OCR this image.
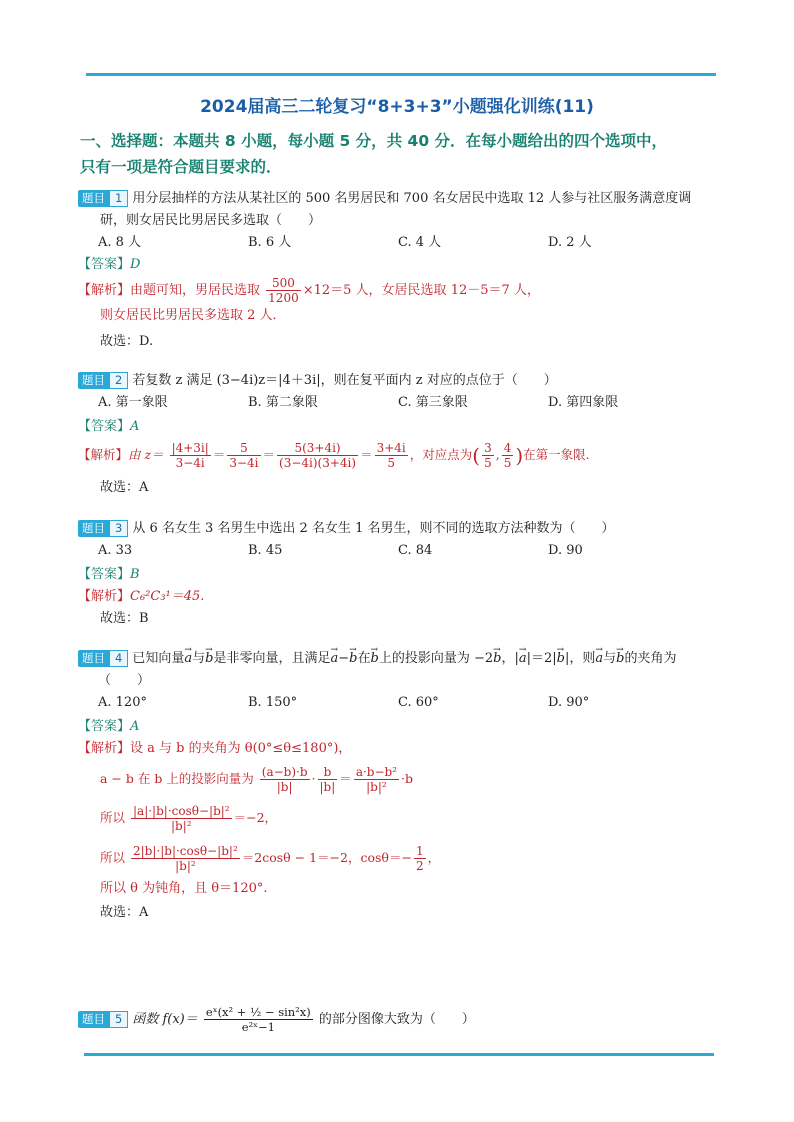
2024届高三二轮复习“8+3+3”小题强化训练(11)
一、选择题：本题共 8 小题，每小题 5 分，共 40 分．在每小题给出的四个选项中，
只有一项是符合题目要求的．
题目 1 用分层抽样的方法从某社区的 500 名男居民和 700 名女居民中选取 12 人参与社区服务满意度调
研，则女居民比男居民多选取（　　）
A. 8 人	B. 6 人	C. 4 人	D. 2 人
【答案】D
【解析】由题可知，男居民选取 $\frac{500}{1200} \times 12=5$ 人，女居民选取 12－5＝7 人，
则女居民比男居民多选取 2 人．
故选：D.
题目 2 若复数 z 满足 (3−4i)z＝|4＋3i|，则在复平面内 z 对应的点位于（　　）
A. 第一象限	B. 第二象限	C. 第三象限	D. 第四象限
【答案】A
【解析】由 $z= \frac{|4+3i|}{3-4i} = \frac{5}{3-4i} = \frac{5(3+4i)}{(3-4i)(3+4i)} = \frac{3+4i}{5}$ ，对应点为( $\frac{3}{5}$ , $\frac{4}{5}$ )在第一象限.
故选：A
题目 3 从 6 名女生 3 名男生中选出 2 名女生 1 名男生，则不同的选取方法种数为（　　）
A. 33	B. 45	C. 84	D. 90
【答案】B
【解析】C₆²C₃¹＝45.
故选：B
题目 4 已知向量a →与b →是非零向量，且满足a →−b →在b →上的投影向量为 −2b →，|a →|＝2|b →|，则a →与b →的夹角为
（　　）
A. 120°	B. 150°	C. 60°	D. 90°
【答案】A
【解析】设 a 与 b 的夹角为 θ(0°≤θ≤180°)，
a − b 在 b 上的投影向量为 $\frac{(a-b)\cdot b}{|b|} \cdot \frac{b}{|b|} = \frac{\text{a·b−b²}}{\text{|b|²}} \cdot b$
所以 $\frac{\text{|a|·|b|·cosθ−|b|²}}{\text{|b|²}} =-2$，
所以 $\frac{\text{2|b|·|b|·cosθ−|b|²}}{\text{|b|²}} =2\cos\theta - 1=-2$，$\cos\theta=- \frac{1}{2}$ ，
所以 θ 为钝角，且 θ＝120°.
故选：A
题目 5 函数 $f(x)= \frac{\text{eˣ(x² + ½ − sin²x)}}{\text{e²ˣ−1}}$ 的部分图像大致为（　　）
